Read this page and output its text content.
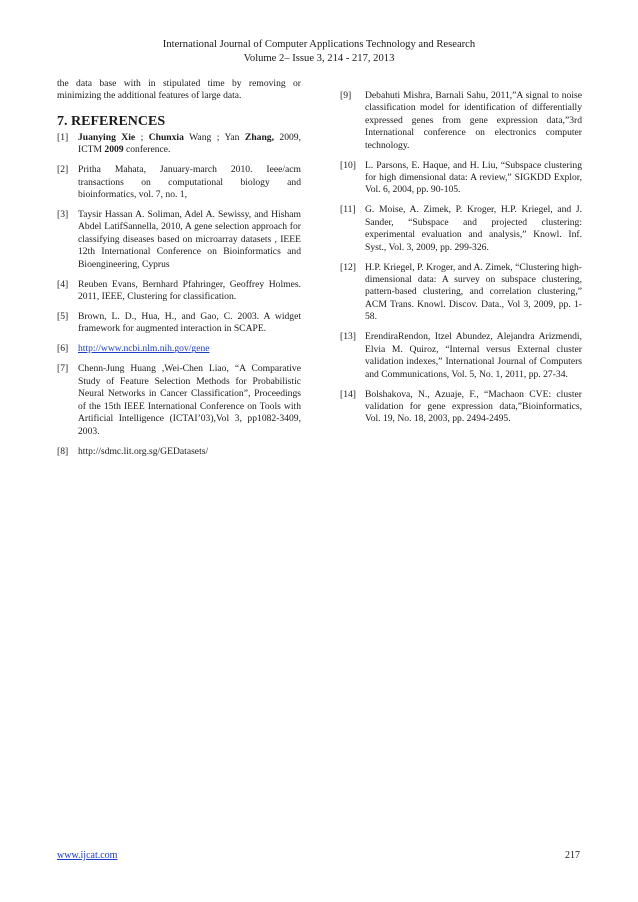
International Journal of Computer Applications Technology and Research
Volume 2– Issue 3, 214 - 217, 2013

the data base with in stipulated time by removing or minimizing the additional features of large data.

7. REFERENCES
[1]	Juanying Xie ; Chunxia Wang ; Yan Zhang, 2009, ICTM 2009 conference.
[2]	Pritha Mahata, January-march 2010. Ieee/acm transactions on computational biology and bioinformatics, vol. 7, no. 1,
[3]	Taysir Hassan A. Soliman, Adel A. Sewissy, and Hisham Abdel LatifSannella, 2010, A gene selection approach for classifying diseases based on microarray datasets , IEEE 12th International Conference on Bioinformatics and Bioengineering, Cyprus
[4]	Reuben Evans, Bernhard Pfahringer, Geoffrey Holmes. 2011, IEEE, Clustering for classification.
[5]	Brown, L. D., Hua, H., and Gao, C. 2003. A widget framework for augmented interaction in SCAPE.
[6]	http://www.ncbi.nlm.nih.gov/gene
[7]	Chenn-Jung Huang ,Wei-Chen Liao, “A Comparative Study of Feature Selection Methods for Probabilistic Neural Networks in Cancer Classification”, Proceedings of the 15th IEEE International Conference on Tools with Artificial Intelligence (ICTAI’03),Vol 3, pp1082-3409, 2003.
[8]	http://sdmc.lit.org.sg/GEDatasets/
[9]	Debahuti Mishra, Barnali Sahu, 2011,”A signal to noise classification model for identification of differentially expressed genes from gene expression data,”3rd International conference on electronics computer technology.
[10] L. Parsons, E. Haque, and H. Liu, “Subspace clustering for high dimensional data: A review,” SIGKDD Explor, Vol. 6, 2004, pp. 90-105.
[11] G. Moise, A. Zimek, P. Kroger, H.P. Kriegel, and J. Sander, “Subspace and projected clustering: experimental evaluation and analysis,” Knowl. Inf. Syst., Vol. 3, 2009, pp. 299-326.
[12] H.P. Kriegel, P. Kroger, and A. Zimek, “Clustering high-dimensional data: A survey on subspace clustering, pattern-based clustering, and correlation clustering,” ACM Trans. Knowl. Discov. Data., Vol 3, 2009, pp. 1-58.
[13] ErendiraRendon, Itzel Abundez, Alejandra Arizmendi, Elvia M. Quiroz, “Internal versus External cluster validation indexes,” International Journal of Computers and Communications, Vol. 5, No. 1, 2011, pp. 27-34.
[14] Bolshakova, N., Azuaje, F., “Machaon CVE: cluster validation for gene expression data,”Bioinformatics, Vol. 19, No. 18, 2003, pp. 2494-2495.
www.ijcat.com	217
